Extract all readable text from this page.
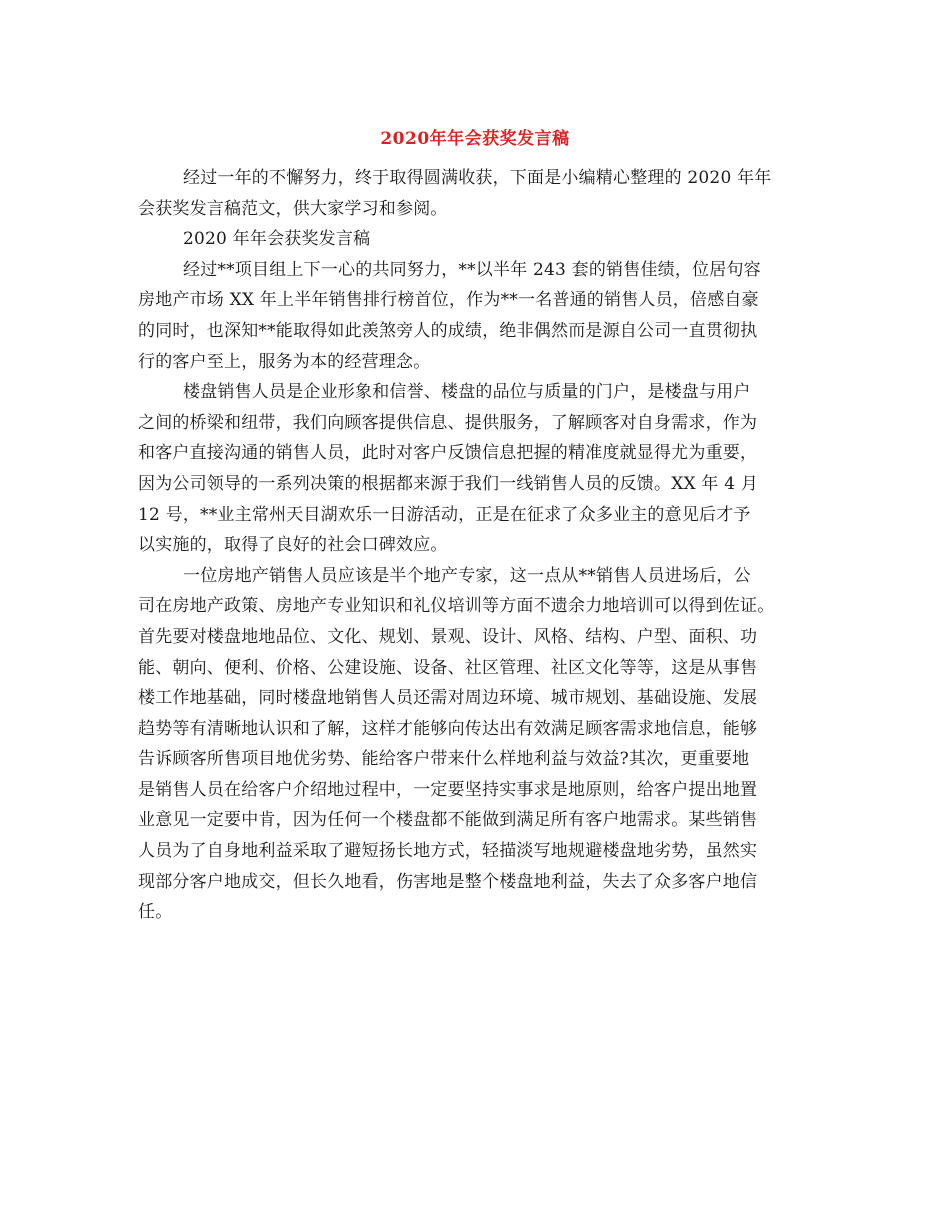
2020年年会获奖发言稿
经过一年的不懈努力，终于取得圆满收获，下面是小编精心整理的 2020 年年
会获奖发言稿范文，供大家学习和参阅。
2020 年年会获奖发言稿
经过**项目组上下一心的共同努力，**以半年 243 套的销售佳绩，位居句容
房地产市场 XX 年上半年销售排行榜首位，作为**一名普通的销售人员，倍感自豪
的同时，也深知**能取得如此羡煞旁人的成绩，绝非偶然而是源自公司一直贯彻执
行的客户至上，服务为本的经营理念。
楼盘销售人员是企业形象和信誉、楼盘的品位与质量的门户，是楼盘与用户
之间的桥梁和纽带，我们向顾客提供信息、提供服务，了解顾客对自身需求，作为
和客户直接沟通的销售人员，此时对客户反馈信息把握的精准度就显得尤为重要，
因为公司领导的一系列决策的根据都来源于我们一线销售人员的反馈。XX 年 4 月
12 号，**业主常州天目湖欢乐一日游活动，正是在征求了众多业主的意见后才予
以实施的，取得了良好的社会口碑效应。
一位房地产销售人员应该是半个地产专家，这一点从**销售人员进场后，公
司在房地产政策、房地产专业知识和礼仪培训等方面不遗余力地培训可以得到佐证。
首先要对楼盘地地品位、文化、规划、景观、设计、风格、结构、户型、面积、功
能、朝向、便利、价格、公建设施、设备、社区管理、社区文化等等，这是从事售
楼工作地基础，同时楼盘地销售人员还需对周边环境、城市规划、基础设施、发展
趋势等有清晰地认识和了解，这样才能够向传达出有效满足顾客需求地信息，能够
告诉顾客所售项目地优劣势、能给客户带来什么样地利益与效益?其次，更重要地
是销售人员在给客户介绍地过程中，一定要坚持实事求是地原则，给客户提出地置
业意见一定要中肯，因为任何一个楼盘都不能做到满足所有客户地需求。某些销售
人员为了自身地利益采取了避短扬长地方式，轻描淡写地规避楼盘地劣势，虽然实
现部分客户地成交，但长久地看，伤害地是整个楼盘地利益，失去了众多客户地信
任。
